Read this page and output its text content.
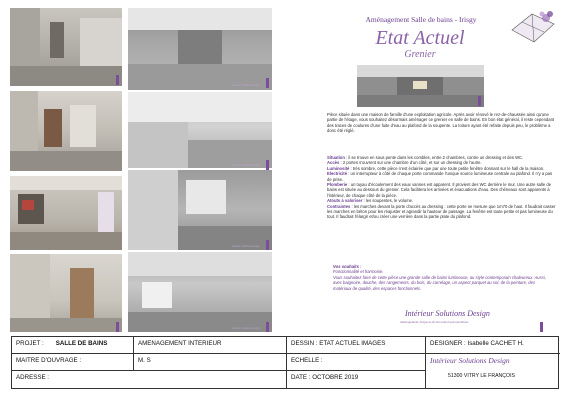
intérieur solutions design
intérieur solutions design
intérieur solutions design
intérieur solutions design
Aménagement Salle de bains - Irisgy
Etat Actuel
Grenier
Pièce située dans une maison de famille d'une exploitation agricole. Après avoir rénové le rez-de-chaussée ainsi qu'une partie de l'étage, vous souhaitez désormais aménager ce grenier en salle de bains. En bon état général, il reste cependant des traces de coulures d'une fuite d'eau au plafond de la soupente. La toiture ayant été refaite depuis peu, le problème a donc été réglé.
Situation : il se trouve en sous pente dans les combles, entre 2 chambres, contre un dressing et des WC.
Accès : 2 portes s'ouvrent sur une chambre d'un côté, et sur un dressing de l'autre.
Luminosité : très sombre, cette pièce n'est éclairée que par une toute petite fenêtre donnant sur le hall de la maison.
Electricité : un interrupteur à côté de chaque porte commande l'unique source lumineuse centrale au plafond. Il n'y a pas de prise.
Plomberie : un tuyau d'écoulement des eaux vannes est apparent. Il provient des WC derrière le mur. Une autre salle de bains est située au dessous du grenier. Cela facilitera les arrivées et évacuations d'eau. Des chéneaux sont apparents à l'intérieur, de chaque côté de la pièce.
Atouts à valoriser : les soupentes, le volume.
Contraintes : les marches devant la porte d'accès au dressing : cette porte ne mesure que 1m70 de haut. Il faudrait casser les marches en béton pour les réajuster et agrandir la hauteur de passage. La fenêtre est toute petite et pas lumineuse du tout. Il faudrait l'élargir et/ou créer une verrière dans la partie plate du plafond.
Vos souhaits :
Fonctionnalité et harmonie.
Vous souhaitez faire de cette pièce une grande salle de bains lumineuse, au style contemporain chaleureux. Aussi, avec baignoire, douche, des rangements, du bois, du carrelage, un aspect parquet au sol, de la peinture, des matériaux de qualité, des espaces fonctionnels.
Intérieur Solutions Design
aménagement d'espaces & décoration personnalisée
PROJET : SALLE DE BAINS	AMENAGEMENT INTERIEUR	DESSIN : ETAT ACTUEL IMAGES	DESIGNER : Isabelle CACHET H.
MAITRE D'OUVRAGE :	M. S	ECHELLE :	Intérieur Solutions Design
51300 VITRY LE FRANÇOIS
ADRESSE :	DATE : OCTOBRE 2019
